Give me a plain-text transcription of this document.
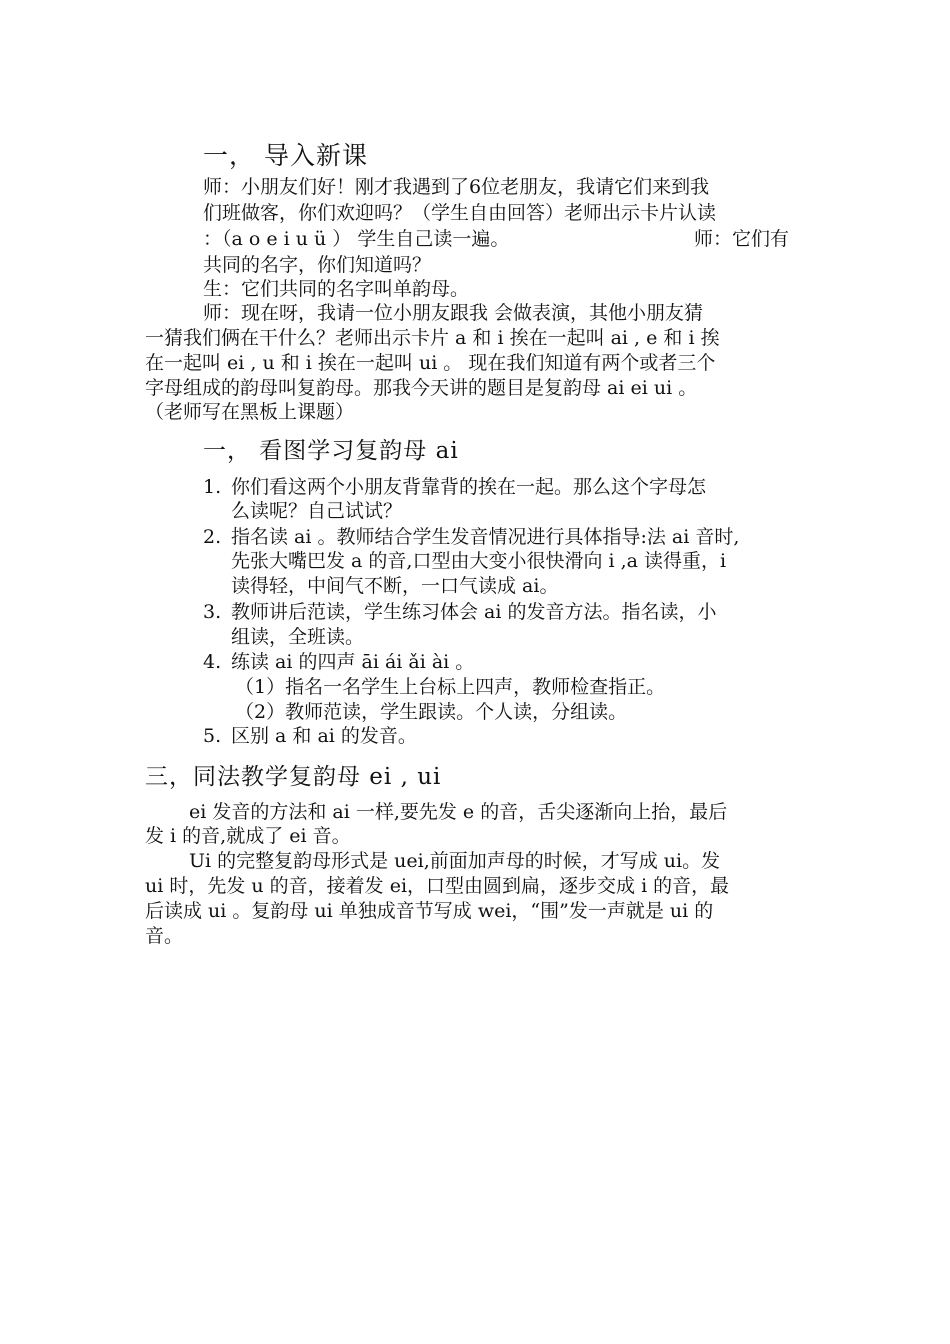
一， 导入新课
师：小朋友们好！刚才我遇到了6位老朋友，我请它们来到我
们班做客，你们欢迎吗？（学生自由回答）老师出示卡片认读
：（a o e i u ü ） 学生自己读一遍。	师：它们有
共同的名字，你们知道吗？
生：它们共同的名字叫单韵母。
师：现在呀，我请一位小朋友跟我 会做表演，其他小朋友猜
一猜我们俩在干什么？老师出示卡片 a 和 i 挨在一起叫 ai , e 和 i 挨
在一起叫 ei , u 和 i 挨在一起叫 ui 。 现在我们知道有两个或者三个
字母组成的韵母叫复韵母。那我今天讲的题目是复韵母 ai ei ui 。
（老师写在黑板上课题）
一， 看图学习复韵母 ai
1. 你们看这两个小朋友背靠背的挨在一起。那么这个字母怎
么读呢？自己试试？
2. 指名读 ai 。教师结合学生发音情况进行具体指导:法 ai 音时,
先张大嘴巴发 a 的音,口型由大变小很快滑向 i ,a 读得重，i
读得轻，中间气不断，一口气读成 ai。
3. 教师讲后范读，学生练习体会 ai 的发音方法。指名读，小
组读，全班读。
4. 练读 ai 的四声 āi ái ǎi ài 。
（1）指名一名学生上台标上四声，教师检查指正。
（2）教师范读，学生跟读。个人读，分组读。
5. 区别 a 和 ai 的发音。
三，同法教学复韵母 ei , ui
ei 发音的方法和 ai 一样,要先发 e 的音，舌尖逐渐向上抬，最后
发 i 的音,就成了 ei 音。
Ui 的完整复韵母形式是 uei,前面加声母的时候，才写成 ui。发
ui 时，先发 u 的音，接着发 ei，口型由圆到扁，逐步交成 i 的音，最
后读成 ui 。复韵母 ui 单独成音节写成 wei，“围”发一声就是 ui 的
音。
